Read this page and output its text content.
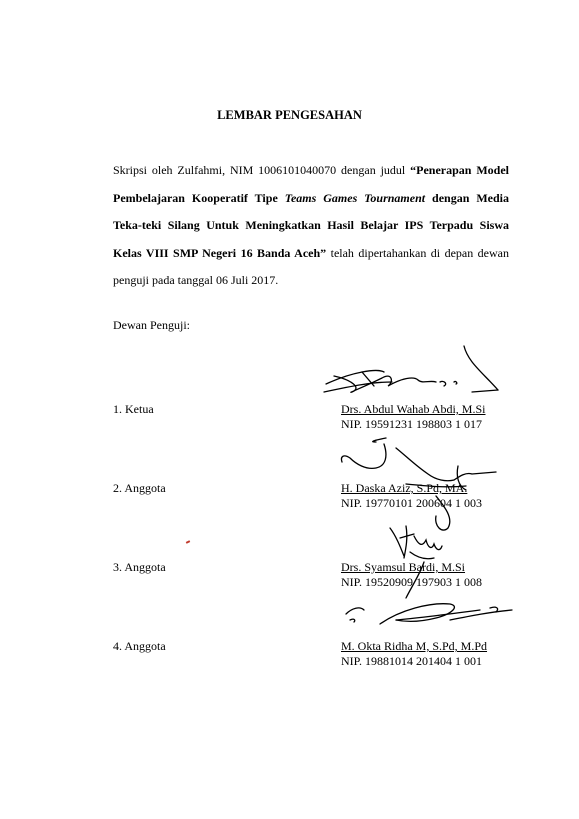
LEMBAR PENGESAHAN
Skripsi oleh Zulfahmi, NIM 1006101040070 dengan judul “Penerapan Model Pembelajaran Kooperatif Tipe Teams Games Tournament dengan Media Teka-teki Silang Untuk Meningkatkan Hasil Belajar IPS Terpadu Siswa Kelas VIII SMP Negeri 16 Banda Aceh” telah dipertahankan di depan dewan penguji pada tanggal 06 Juli 2017.
Dewan Penguji:
1. Ketua	Drs. Abdul Wahab Abdi, M.Si
NIP. 19591231 198803 1 017
2. Anggota	H. Daska Aziz, S.Pd, MA.
NIP. 19770101 200604 1 003
3. Anggota	Drs. Syamsul Bardi, M.Si
NIP. 19520909 197903 1 008
4. Anggota	M. Okta Ridha M, S.Pd, M.Pd
NIP. 19881014 201404 1 001
